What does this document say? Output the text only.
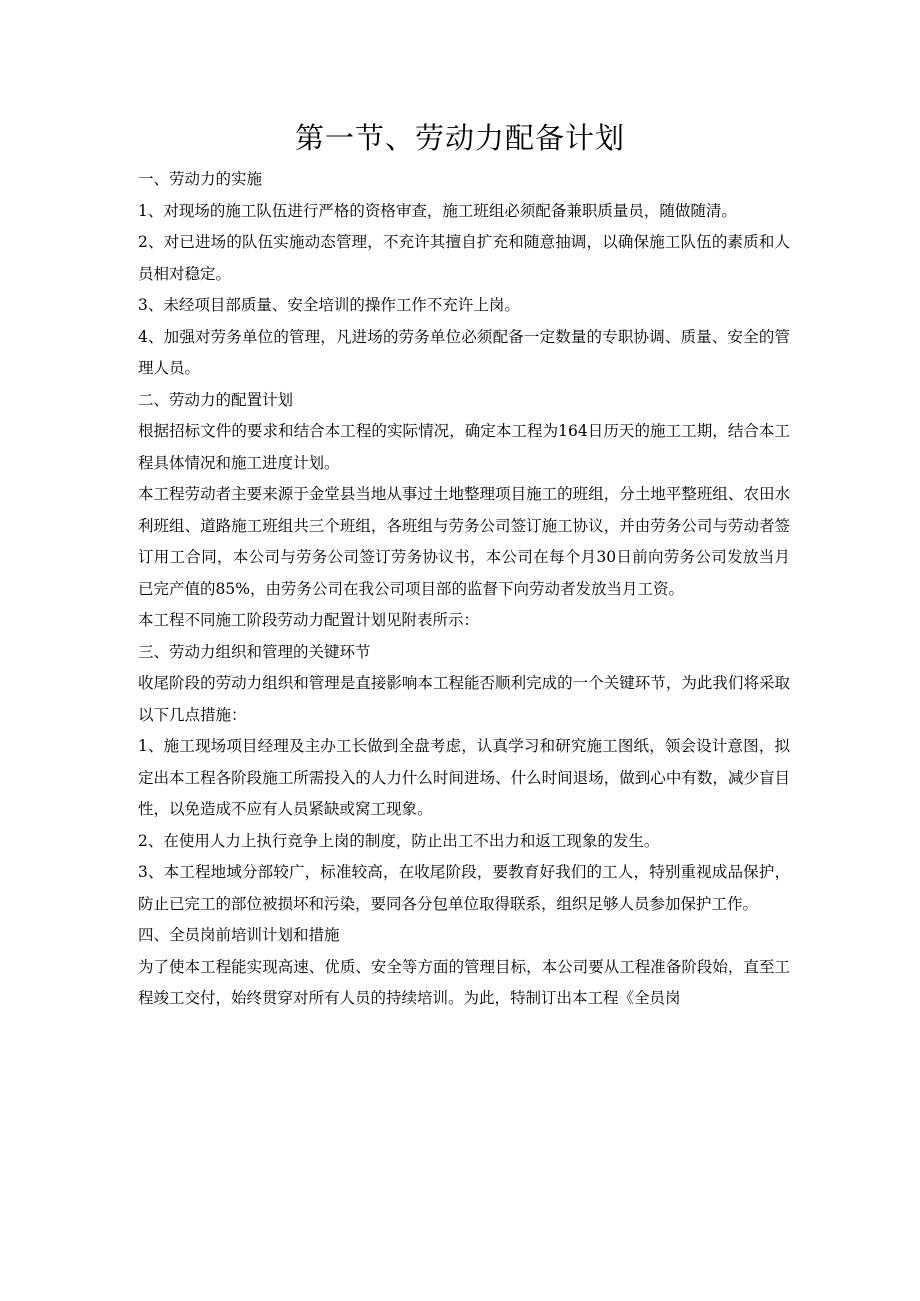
第一节、劳动力配备计划

一、劳动力的实施

1、对现场的施工队伍进行严格的资格审查，施工班组必须配备兼职质量员，随做随清。

2、对已进场的队伍实施动态管理，不充许其擅自扩充和随意抽调，以确保施工队伍的素质和人员相对稳定。

3、未经项目部质量、安全培训的操作工作不充许上岗。

4、加强对劳务单位的管理，凡进场的劳务单位必须配备一定数量的专职协调、质量、安全的管理人员。

二、劳动力的配置计划

根据招标文件的要求和结合本工程的实际情况，确定本工程为164日历天的施工工期，结合本工程具体情况和施工进度计划。

本工程劳动者主要来源于金堂县当地从事过土地整理项目施工的班组，分土地平整班组、农田水利班组、道路施工班组共三个班组，各班组与劳务公司签订施工协议，并由劳务公司与劳动者签订用工合同，本公司与劳务公司签订劳务协议书，本公司在每个月30日前向劳务公司发放当月已完产值的85%，由劳务公司在我公司项目部的监督下向劳动者发放当月工资。

本工程不同施工阶段劳动力配置计划见附表所示：

三、劳动力组织和管理的关键环节

收尾阶段的劳动力组织和管理是直接影响本工程能否顺利完成的一个关键环节，为此我们将采取以下几点措施：

1、施工现场项目经理及主办工长做到全盘考虑，认真学习和研究施工图纸，领会设计意图，拟定出本工程各阶段施工所需投入的人力什么时间进场、什么时间退场，做到心中有数，减少盲目性，以免造成不应有人员紧缺或窝工现象。

2、在使用人力上执行竞争上岗的制度，防止出工不出力和返工现象的发生。

3、本工程地域分部较广，标准较高，在收尾阶段，要教育好我们的工人，特别重视成品保护，防止已完工的部位被损坏和污染，要同各分包单位取得联系，组织足够人员参加保护工作。

四、全员岗前培训计划和措施

为了使本工程能实现高速、优质、安全等方面的管理目标，本公司要从工程准备阶段始，直至工程竣工交付，始终贯穿对所有人员的持续培训。为此，特制订出本工程《全员岗
